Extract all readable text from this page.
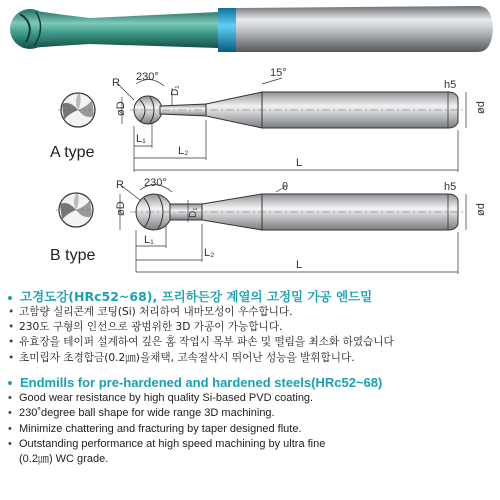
R 230°
D₁
15°
øD
L₁
L₂
L
h5
ød
A type
R 230°	θ
D₁
øD
L₁
L₂
L
h5
ød
B type

고경도강(HRc52~68), 프리하든강 계열의 고정밀 가공 엔드밀

• 고함량 실리콘계 코팅(Si) 처리하여 내마모성이 우수합니다.
• 230도 구형의 인선으로 광범위한 3D 가공이 가능합니다.
• 유효장을 테이퍼 설계하여 깊은 홈 작업시 목부 파손 및 떨림을 최소화 하였습니다
• 초미립자 초경합금(0.2㎛)을채택, 고속절삭시 뛰어난 성능을 발휘합니다.

Endmills for pre-hardened and hardened steels(HRc52~68)

• Good wear resistance by high quality Si-based PVD coating.
• 230˚degree ball shape for wide range 3D machining.
• Minimize chattering and fracturing by taper designed flute.
• Outstanding performance at high speed machining by ultra fine
(0.2㎛) WC grade.
